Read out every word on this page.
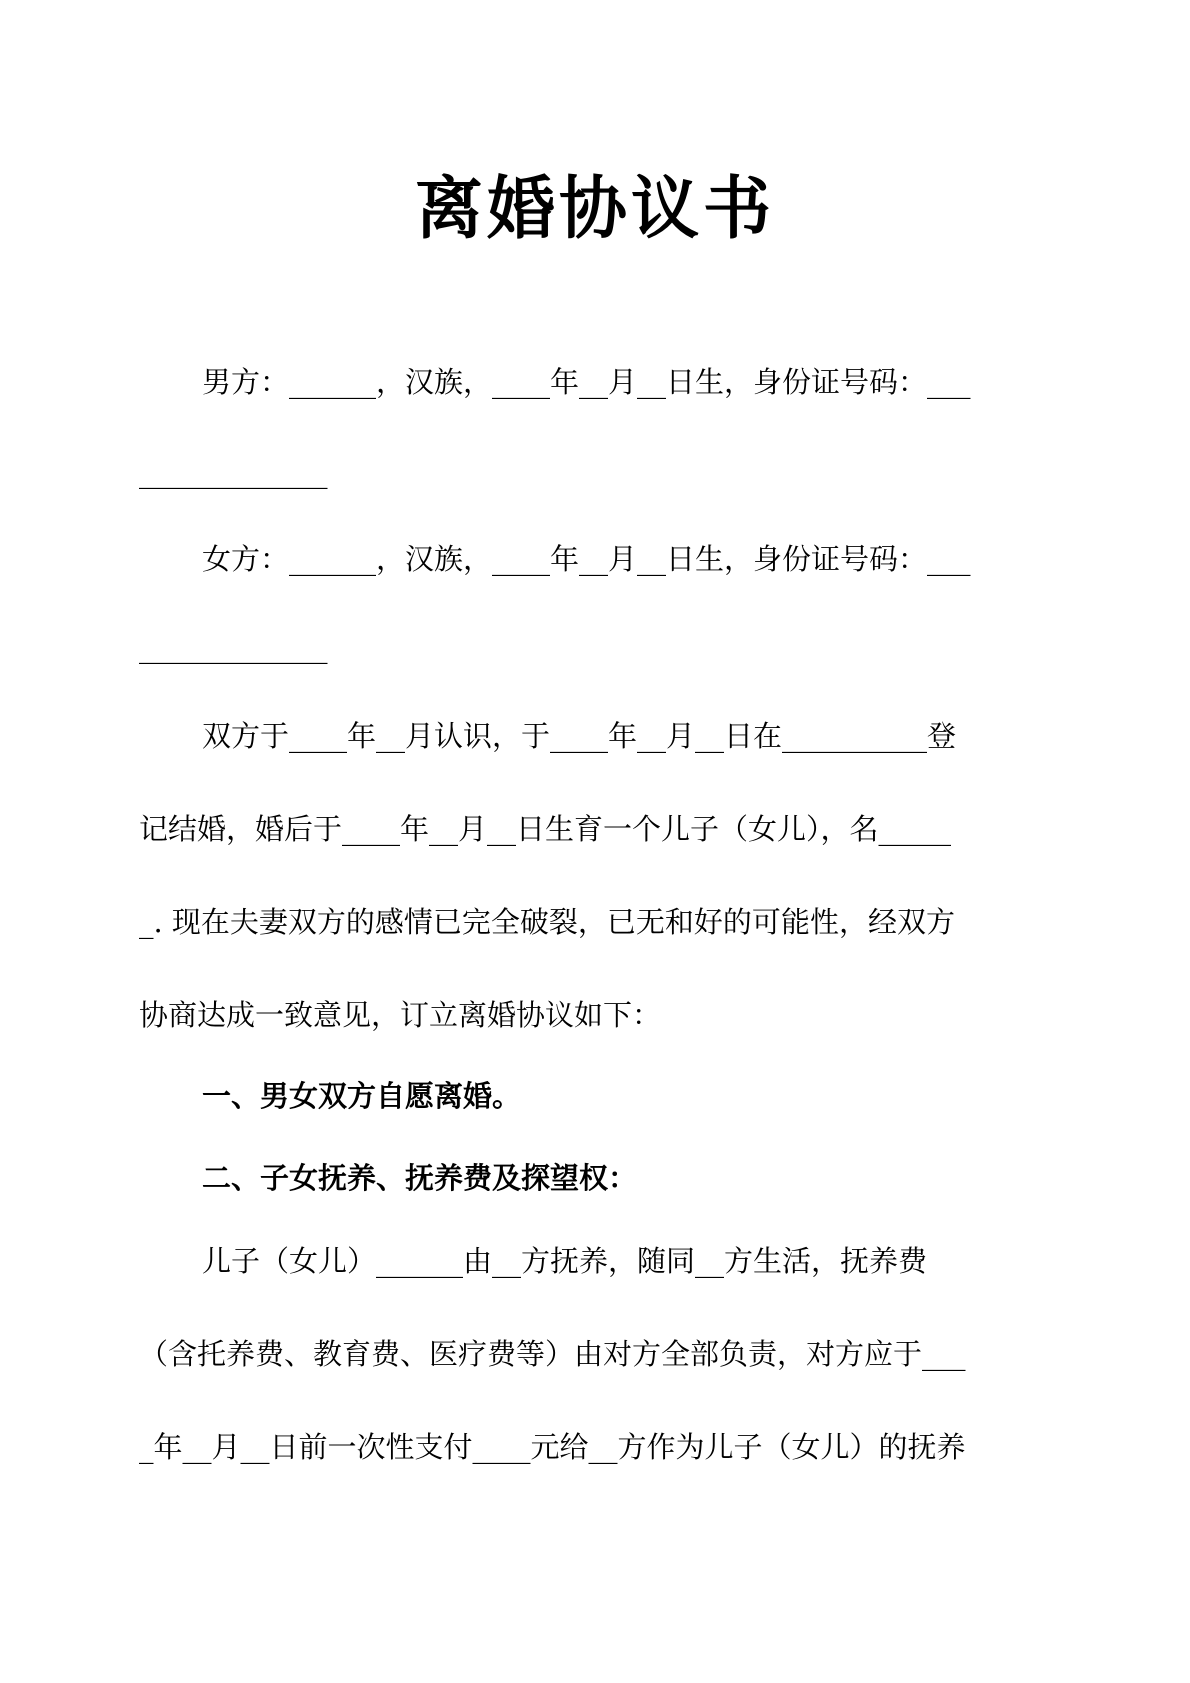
离婚协议书
男方：______，汉族，____年__月__日生，身份证号码：___
_____________
女方：______，汉族，____年__月__日生，身份证号码：___
_____________
双方于____年__月认识，于____年__月__日在__________登
记结婚，婚后于____年__月__日生育一个儿子（女儿），名_____
_. 现在夫妻双方的感情已完全破裂，已无和好的可能性，经双方
协商达成一致意见，订立离婚协议如下：
一、男女双方自愿离婚。
二、子女抚养、抚养费及探望权：
儿子（女儿）______由__方抚养，随同__方生活，抚养费
（含托养费、教育费、医疗费等）由对方全部负责，对方应于___
_年__月__日前一次性支付____元给__方作为儿子（女儿）的抚养
